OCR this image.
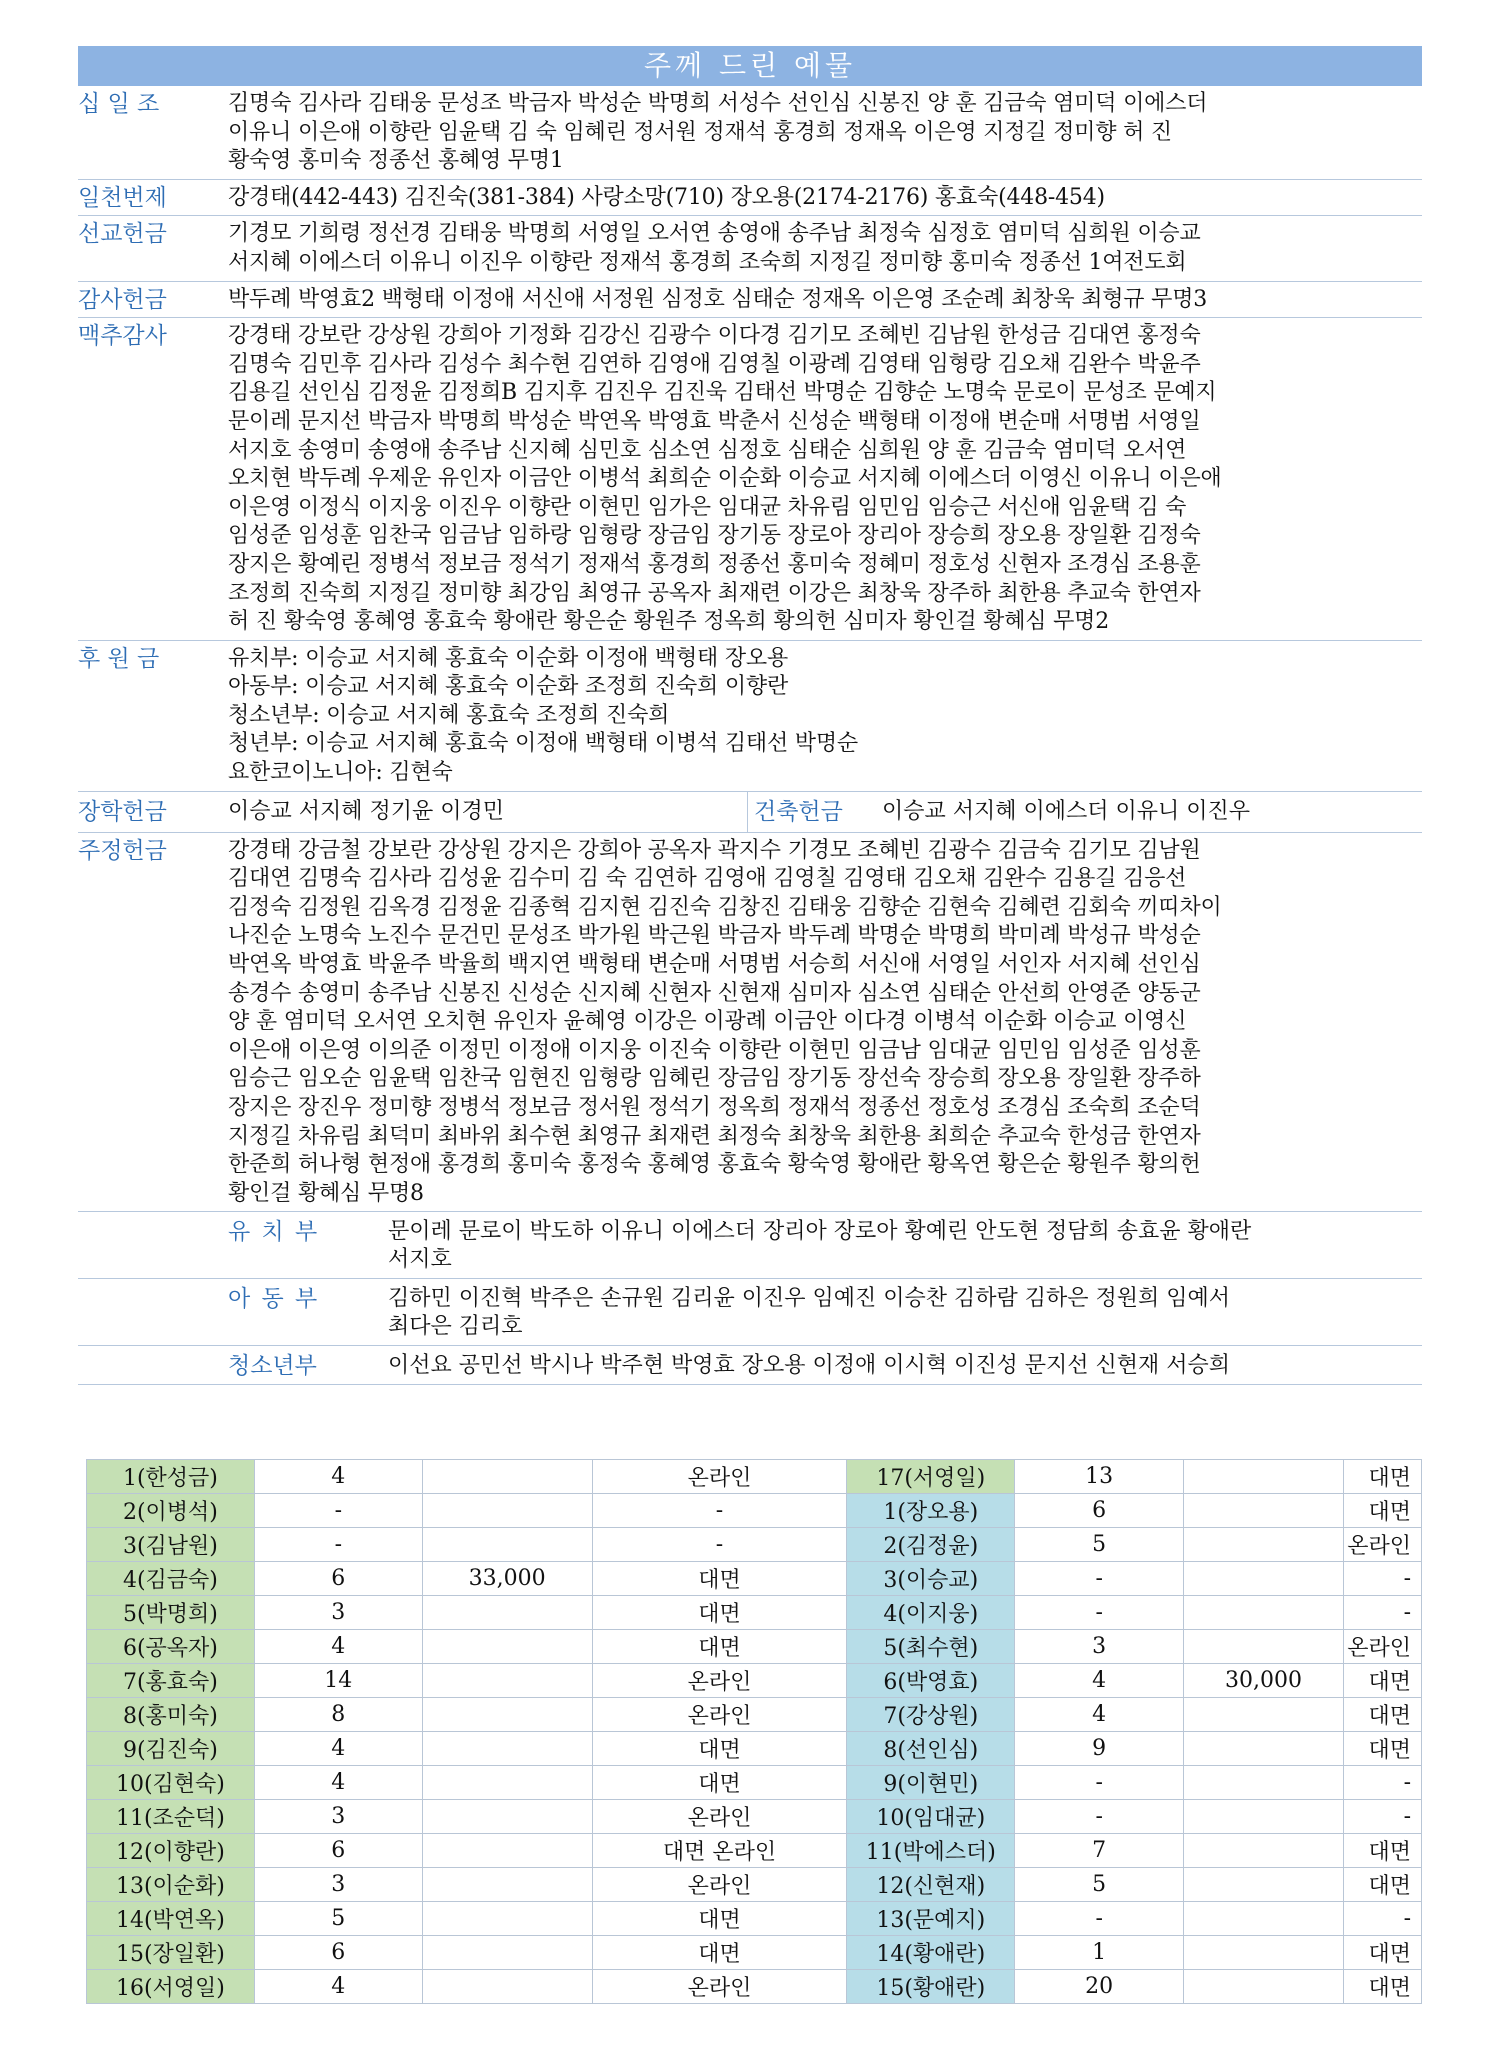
주께 드린 예물
십 일 조	김명숙 김사라 김태웅 문성조 박금자 박성순 박명희 서성수 선인심 신봉진 양 훈 김금숙 염미덕 이에스더
이유니 이은애 이향란 임윤택 김 숙 임혜린 정서원 정재석 홍경희 정재옥 이은영 지정길 정미향 허 진
황숙영 홍미숙 정종선 홍혜영 무명1
일천번제	강경태(442-443) 김진숙(381-384) 사랑소망(710) 장오용(2174-2176) 홍효숙(448-454)
선교헌금	기경모 기희령 정선경 김태웅 박명희 서영일 오서연 송영애 송주남 최정숙 심정호 염미덕 심희원 이승교
서지혜 이에스더 이유니 이진우 이향란 정재석 홍경희 조숙희 지정길 정미향 홍미숙 정종선 1여전도회
감사헌금	박두례 박영효2 백형태 이정애 서신애 서정원 심정호 심태순 정재옥 이은영 조순례 최창욱 최형규 무명3
맥추감사	강경태 강보란 강상원 강희아 기정화 김강신 김광수 이다경 김기모 조혜빈 김남원 한성금 김대연 홍정숙
김명숙 김민후 김사라 김성수 최수현 김연하 김영애 김영칠 이광례 김영태 임형랑 김오채 김완수 박윤주
김용길 선인심 김정윤 김정희B 김지후 김진우 김진욱 김태선 박명순 김향순 노명숙 문로이 문성조 문예지
문이레 문지선 박금자 박명희 박성순 박연옥 박영효 박춘서 신성순 백형태 이정애 변순매 서명범 서영일
서지호 송영미 송영애 송주남 신지혜 심민호 심소연 심정호 심태순 심희원 양 훈 김금숙 염미덕 오서연
오치현 박두례 우제운 유인자 이금안 이병석 최희순 이순화 이승교 서지혜 이에스더 이영신 이유니 이은애
이은영 이정식 이지웅 이진우 이향란 이현민 임가은 임대균 차유림 임민임 임승근 서신애 임윤택 김 숙
임성준 임성훈 임찬국 임금남 임하랑 임형랑 장금임 장기동 장로아 장리아 장승희 장오용 장일환 김정숙
장지은 황예린 정병석 정보금 정석기 정재석 홍경희 정종선 홍미숙 정혜미 정호성 신현자 조경심 조용훈
조정희 진숙희 지정길 정미향 최강임 최영규 공옥자 최재련 이강은 최창욱 장주하 최한용 추교숙 한연자
허 진 황숙영 홍혜영 홍효숙 황애란 황은순 황원주 정옥희 황의헌 심미자 황인걸 황혜심 무명2
후 원 금	유치부: 이승교 서지혜 홍효숙 이순화 이정애 백형태 장오용
아동부: 이승교 서지혜 홍효숙 이순화 조정희 진숙희 이향란
청소년부: 이승교 서지혜 홍효숙 조정희 진숙희
청년부: 이승교 서지혜 홍효숙 이정애 백형태 이병석 김태선 박명순
요한코이노니아: 김현숙
장학헌금	이승교 서지혜 정기윤 이경민	건축헌금	이승교 서지혜 이에스더 이유니 이진우
주정헌금	강경태 강금철 강보란 강상원 강지은 강희아 공옥자 곽지수 기경모 조혜빈 김광수 김금숙 김기모 김남원
김대연 김명숙 김사라 김성윤 김수미 김 숙 김연하 김영애 김영칠 김영태 김오채 김완수 김용길 김응선
김정숙 김정원 김옥경 김정윤 김종혁 김지현 김진숙 김창진 김태웅 김향순 김현숙 김혜련 김회숙 끼띠차이
나진순 노명숙 노진수 문건민 문성조 박가원 박근원 박금자 박두례 박명순 박명희 박미례 박성규 박성순
박연옥 박영효 박윤주 박율희 백지연 백형태 변순매 서명범 서승희 서신애 서영일 서인자 서지혜 선인심
송경수 송영미 송주남 신봉진 신성순 신지혜 신현자 신현재 심미자 심소연 심태순 안선희 안영준 양동군
양 훈 염미덕 오서연 오치현 유인자 윤혜영 이강은 이광례 이금안 이다경 이병석 이순화 이승교 이영신
이은애 이은영 이의준 이정민 이정애 이지웅 이진숙 이향란 이현민 임금남 임대균 임민임 임성준 임성훈
임승근 임오순 임윤택 임찬국 임현진 임형랑 임혜린 장금임 장기동 장선숙 장승희 장오용 장일환 장주하
장지은 장진우 정미향 정병석 정보금 정서원 정석기 정옥희 정재석 정종선 정호성 조경심 조숙희 조순덕
지정길 차유림 최덕미 최바위 최수현 최영규 최재련 최정숙 최창욱 최한용 최희순 추교숙 한성금 한연자
한준희 허나형 현정애 홍경희 홍미숙 홍정숙 홍혜영 홍효숙 황숙영 황애란 황옥연 황은순 황원주 황의헌
황인걸 황혜심 무명8
유 치 부	문이레 문로이 박도하 이유니 이에스더 장리아 장로아 황예린 안도현 정담희 송효윤 황애란
서지호
아 동 부	김하민 이진혁 박주은 손규원 김리윤 이진우 임예진 이승찬 김하람 김하은 정원희 임예서
최다은 김리호
청소년부	이선요 공민선 박시나 박주현 박영효 장오용 이정애 이시혁 이진성 문지선 신현재 서승희
1(한성금)	4		온라인	17(서영일)	13		대면
2(이병석)	-		-	1(장오용)	6		대면
3(김남원)	-		-	2(김정윤)	5		온라인
4(김금숙)	6	33,000	대면	3(이승교)	-		-
5(박명희)	3		대면	4(이지웅)	-		-
6(공옥자)	4		대면	5(최수현)	3		온라인
7(홍효숙)	14		온라인	6(박영효)	4	30,000	대면
8(홍미숙)	8		온라인	7(강상원)	4		대면
9(김진숙)	4		대면	8(선인심)	9		대면
10(김현숙)	4		대면	9(이현민)	-		-
11(조순덕)	3		온라인	10(임대균)	-		-
12(이향란)	6		대면 온라인	11(박에스더)	7		대면
13(이순화)	3		온라인	12(신현재)	5		대면
14(박연옥)	5		대면	13(문예지)	-		-
15(장일환)	6		대면	14(황애란)	1		대면
16(서영일)	4		온라인	15(황애란)	20		대면
